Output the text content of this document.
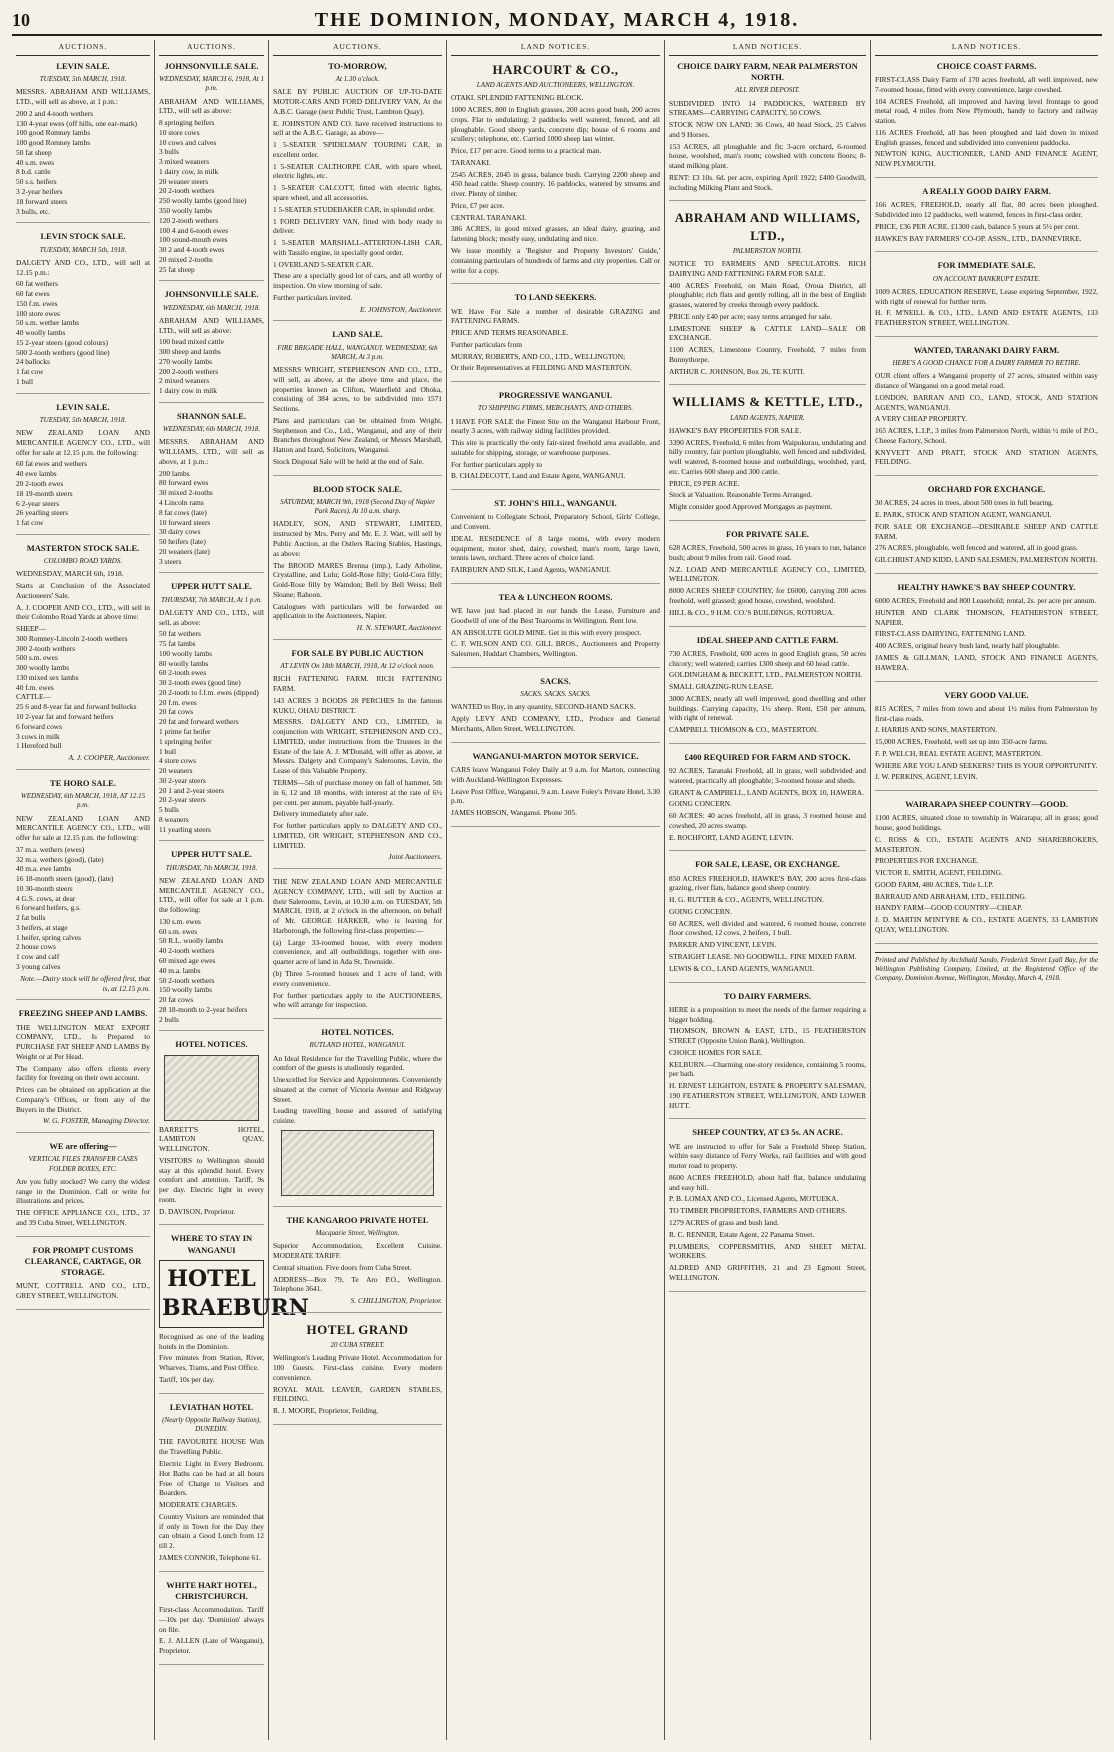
10	THE DOMINION, MONDAY, MARCH 4, 1918.
AUCTIONS.
LEVIN SALE.
TUESDAY, 5th MARCH, 1918.

MESSRS. ABRAHAM AND WILLIAMS, LTD., will sell as above, at 1 p.m.:

200 2 and 4-tooth wethers
130 4-year ewes (off hills, one ear-mark)
100 good Romney lambs
100 good Romney lambs
50 fat sheep
40 s.m. ewes
8 b.d. cattle
50 s.s. heifers
3 2-year heifers
18 forward steers
3 bulls, etc.
LEVIN STOCK SALE.
TUESDAY, MARCH 5th, 1918.

DALGETY AND CO., LTD., will sell at 12.15 p.m.:

60 fat wethers
60 fat ewes
150 f.m. ewes
100 store ewes
50 s.m. wether lambs
40 woolly lambs
15 2-year steers (good colours)
500 2-tooth wethers (good line)
24 ballocks
1 fat cow
1 bull
LEVIN SALE.
TUESDAY, 5th MARCH, 1918.

NEW ZEALAND LOAN AND MERCANTILE AGENCY CO., LTD., will offer for sale at 12.15 p.m. the following:

60 fat ewes and wethers
40 ewe lambs
20 2-tooth ewes
18 19-month steers
6 2-year steers
26 yearling steers
1 fat cow
MASTERTON STOCK SALE.
COLOMBO ROAD YARDS.

WEDNESDAY, MARCH 6th, 1918.

Starts at Conclusion of the Associated Auctioneers' Sale.

A. J. COOPER AND CO., LTD., will sell in their Colombo Road Yards at above time:

SHEEP—
300 Romney-Lincoln 2-tooth wethers
300 2-tooth wethers
500 s.m. ewes
300 woolly lambs
130 mixed sex lambs
40 f.m. ewes
CATTLE—
25 6 and 8-year fat and forward bullocks
10 2-year fat and forward heifers
6 forward cows
3 cows in milk
1 Hereford bull
A. J. COOPER, Auctioneer.
TE HORO SALE.
WEDNESDAY, 6th MARCH, 1918, AT 12.15 p.m.

NEW ZEALAND LOAN AND MERCANTILE AGENCY CO., LTD., will offer for sale at 12.15 p.m. the following:

37 m.a. wethers (ewes)
32 m.a. wethers (good), (late)
40 m.a. ewe lambs
16 18-month steers (good), (late)
10 30-month steers
4 G.S. cows, at dear
6 forward heifers, g.s.
2 fat bulls
3 heifers, at stage
1 heifer, spring calves
2 house cows
1 cow and calf
3 young calves
Note.—Dairy stock will be offered first, that is, at 12.15 p.m.
FREEZING SHEEP AND LAMBS.

THE WELLINGTON MEAT EXPORT COMPANY, LTD., Is Prepared to PURCHASE FAT SHEEP AND LAMBS By Weight or at Per Head.

The Company also offers clients every facility for freezing on their own account.

Prices can be obtained on application at the Company's Offices, or from any of the Buyers in the District.

W. G. FOSTER, Managing Director.
WE are offering—
VERTICAL FILES TRANSFER CASES FOLDER BOXES, ETC.

Are you fully stocked? We carry the widest range in the Dominion. Call or write for illustrations and prices.

THE OFFICE APPLIANCE CO., LTD., 37 and 39 Cuba Street, WELLINGTON.

FOR PROMPT CUSTOMS CLEARANCE, CARTAGE, OR STORAGE.

MUNT, COTTRELL AND CO., LTD., GREY STREET, WELLINGTON.

AUCTIONS.
JOHNSONVILLE SALE.
WEDNESDAY, MARCH 6, 1918, At 1 p.m.

ABRAHAM AND WILLIAMS, LTD., will sell as above:

8 springing heifers
10 store cows
10 cows and calves
3 bulls
3 mixed weaners
1 dairy cow, in milk
20 weaner steers
20 2-tooth wethers
250 woolly lambs (good line)
350 woolly lambs
120 2-tooth wethers
100 4 and 6-tooth ewes
100 sound-mouth ewes
30 2 and 4-tooth ewes
20 mixed 2-tooths
25 fat sheep
JOHNSONVILLE SALE.
WEDNESDAY, 6th MARCH, 1918.

ABRAHAM AND WILLIAMS, LTD., will sell as above:

100 head mixed cattle
300 sheep and lambs
270 woolly lambs
200 2-tooth wethers
2 mixed weaners
1 dairy cow in milk
SHANNON SALE.
WEDNESDAY, 6th MARCH, 1918.

MESSRS. ABRAHAM AND WILLIAMS, LTD., will sell as above, at 1 p.m.:

200 lambs
80 forward ewes
30 mixed 2-tooths
4 Lincoln rams
8 fat cows (late)
10 forward steers
30 dairy cows
50 heifers (late)
20 weaners (late)
3 steers
UPPER HUTT SALE.
THURSDAY, 7th MARCH, At 1 p.m.

DALGETY AND CO., LTD., will sell, as above:

50 fat wethers
75 fat lambs
100 woolly lambs
80 woolly lambs
60 2-tooth ewes
30 2-tooth ewes (good line)
20 2-tooth to f.f.m. ewes (dipped)
20 f.m. ewes
20 fat cows
20 fat and forward wethers
1 prime fat heifer
1 springing heifer
1 bull
4 store cows
20 weaners
30 2-year steers
20 1 and 2-year steers
20 2-year steers
5 bulls
8 weaners
11 yearling steers
UPPER HUTT SALE.
THURSDAY, 7th MARCH, 1918.

NEW ZEALAND LOAN AND MERCANTILE AGENCY CO., LTD., will offer for sale at 1 p.m. the following:

130 s.m. ewes
60 s.m. ewes
50 R.L. woolly lambs
40 2-tooth wethers
60 mixed age ewes
40 m.a. lambs
50 2-tooth wethers
150 woolly lambs
20 fat cows
28 18-month to 2-year heifers
2 bulls
HOTEL NOTICES.

BARRETT'S HOTEL, LAMBTON QUAY, WELLINGTON.

VISITORS to Wellington should stay at this splendid hotel. Every comfort and attention. Tariff, 9s per day. Electric light in every room.

D. DAVISON, Proprietor.

WHERE TO STAY IN WANGANUI
HOTEL BRAEBURN

Recognised as one of the leading hotels in the Dominion.

Five minutes from Station, River, Wharves, Trams, and Post Office.

Tariff, 10s per day.

LEVIATHAN HOTEL
(Nearly Opposite Railway Station), DUNEDIN.

THE FAVOURITE HOUSE With the Travelling Public.

Electric Light in Every Bedroom. Hot Baths can be had at all hours Free of Charge to Visitors and Boarders.

MODERATE CHARGES.

Country Visitors are reminded that if only in Town for the Day they can obtain a Good Lunch from 12 till 2.

JAMES CONNOR, Telephone 61.

WHITE HART HOTEL, CHRISTCHURCH.

First-class Accommodation. Tariff—10s per day. 'Dominion' always on file.

E. J. ALLEN (Late of Wanganui), Proprietor.

AUCTIONS.
TO-MORROW,
At 1.30 o'clock.

SALE BY PUBLIC AUCTION OF UP-TO-DATE MOTOR-CARS AND FORD DELIVERY VAN, At the A.B.C. Garage (next Public Trust, Lambton Quay).

E. JOHNSTON AND CO. have received instructions to sell at the A.B.C. Garage, as above—

1 5-SEATER 'SPIDELMAN' TOURING CAR, in excellent order.

1 5-SEATER CALTHORPE CAR, with spare wheel, electric lights, etc.

1 5-SEATER CALCOTT, fitted with electric lights, spare wheel, and all accessories.

1 5-SEATER STUDEBAKER CAR, in splendid order.

1 FORD DELIVERY VAN, fitted with body ready to deliver.

1 5-SEATER MARSHALL-ATTERTON-LISH CAR, with Tassilo engine, in specially good order.

1 OVERLAND 5-SEATER CAR.

These are a specially good lot of cars, and all worthy of inspection. On view morning of sale.

Further particulars invited.

E. JOHNSTON, Auctioneer.
LAND SALE.
FIRE BRIGADE HALL, WANGANUI. WEDNESDAY, 6th MARCH, At 3 p.m.

MESSRS WRIGHT, STEPHENSON AND CO., LTD., will sell, as above, at the above time and place, the properties known as Clifton, Waterfield and Ohoka, consisting of 384 acres, to be subdivided into 1571 Sections.

Plans and particulars can be obtained from Wright, Stephenson and Co., Ltd., Wanganui, and any of their Branches throughout New Zealand, or Messrs Marshall, Hatton and Izard, Solicitors, Wanganui.

Stock Disposal Sale will be held at the end of Sale.

BLOOD STOCK SALE.
SATURDAY, MARCH 9th, 1918 (Second Day of Napier Park Races), At 10 a.m. sharp.

HADLEY, SON, AND STEWART, LIMITED, instructed by Mrs. Perry and Mr. E. J. Watt, will sell by Public Auction, at the Ostlers Racing Stables, Hastings, as above:

The BROOD MARES Brenna (imp.), Lady Atholine, Crystalline, and Lulu; Gold-Rose filly; Gold-Cora filly; Gold-Rose filly by Wamdon; Bell by Bell Weiss; Bell Sloane; Rahoon.

Catalogues with particulars will be forwarded on application to the Auctioneers, Napier.

H. N. STEWART, Auctioneer.
FOR SALE BY PUBLIC AUCTION
AT LEVIN On 18th MARCH, 1918, At 12 o'clock noon.

RICH FATTENING FARM. RICH FATTENING FARM.

143 ACRES 3 ROODS 28 PERCHES In the famous KUKU, OHAU DISTRICT.

MESSRS. DALGETY AND CO., LIMITED, in conjunction with WRIGHT, STEPHENSON AND CO., LIMITED, under instructions from the Trustees in the Estate of the late A. J. M'Donald, will offer as above, at Messrs. Dalgety and Company's Salerooms, Levin, the Lease of this Valuable Property.

TERMS—5th of purchase money on fall of hammer, 5th in 6, 12 and 18 months, with interest at the rate of 6½ per cent. per annum, payable half-yearly.

Delivery immediately after sale.

For further particulars apply to DALGETY AND CO., LIMITED, OR WRIGHT, STEPHENSON AND CO., LIMITED.

Joint Auctioneers.

THE NEW ZEALAND LOAN AND MERCANTILE AGENCY COMPANY, LTD., will sell by Auction at their Salerooms, Levin, at 10.30 a.m. on TUESDAY, 5th MARCH, 1918, at 2 o'clock in the afternoon, on behalf of Mr. GEORGE HARKER, who is leaving for Harborough, the following first-class properties:—

(a) Large 33-roomed house, with every modern convenience, and all outbuildings, together with one-quarter acre of land in Ada St, Townside.

(b) Three 5-roomed houses and 1 acre of land, with every convenience.

For further particulars apply to the AUCTIONEERS, who will arrange for inspection.

HOTEL NOTICES.
RUTLAND HOTEL, WANGANUI.

An Ideal Residence for the Travelling Public, where the comfort of the guests is studiously regarded.

Unexcelled for Service and Appointments. Conveniently situated at the corner of Victoria Avenue and Ridgway Street.

Leading travelling house and assured of satisfying cuisine.

THE KANGAROO PRIVATE HOTEL
Macquarie Street, Wellington.

Superior Accommodation, Excellent Cuisine. MODERATE TARIFF.

Central situation. Five doors from Cuba Street.

ADDRESS—Box 79, Te Aro P.O., Wellington. Telephone 3641.

S. CHILLINGTON, Proprietor.
HOTEL GRAND
20 CUBA STREET.

Wellington's Leading Private Hotel. Accommodation for 100 Guests. First-class cuisine. Every modern convenience.

ROYAL MAIL LEAVER, GARDEN STABLES, FEILDING.

R. J. MOORE, Proprietor, Feilding.

LAND NOTICES.
HARCOURT & CO.,
LAND AGENTS AND AUCTIONEERS, WELLINGTON.

OTAKI. SPLENDID FATTENING BLOCK.

1000 ACRES, 800 in English grasses, 200 acres good bush, 200 acres crops. Flat to undulating; 2 paddocks well watered, fenced, and all ploughable. Good sheep yards, concrete dip; house of 6 rooms and scullery; telephone, etc. Carried 1000 sheep last winter.

Price, £17 per acre. Good terms to a practical man.

TARANAKI.

2545 ACRES, 2045 in grass, balance bush. Carrying 2200 sheep and 450 head cattle. Sheep country, 16 paddocks, watered by streams and river. Plenty of timber.

Price, £7 per acre.

CENTRAL TARANAKI.

386 ACRES, in good mixed grasses, an ideal dairy, grazing, and fattening block; mostly easy, undulating and nice.

We issue monthly a 'Register and Property Investors' Guide,' containing particulars of hundreds of farms and city properties. Call or write for a copy.

TO LAND SEEKERS.

WE Have For Sale a number of desirable GRAZING and FATTENING FARMS.

PRICE AND TERMS REASONABLE.

Further particulars from

MURRAY, ROBERTS, AND CO., LTD., WELLINGTON;

Or their Representatives at FEILDING AND MASTERTON.

PROGRESSIVE WANGANUI.
TO SHIPPING FIRMS, MERCHANTS, AND OTHERS.

I HAVE FOR SALE the Finest Site on the Wanganui Harbour Front, nearly 3 acres, with railway siding facilities provided.

This site is practically the only fair-sized freehold area available, and suitable for shipping, storage, or warehouse purposes.

For further particulars apply to

B. CHALDECOTT, Land and Estate Agent, WANGANUI.

ST. JOHN'S HILL, WANGANUI.

Convenient to Collegiate School, Preparatory School, Girls' College, and Convent.

IDEAL RESIDENCE of 8 large rooms, with every modern equipment, motor shed, dairy, cowshed, man's room, large lawn, tennis lawn, orchard. Three acres of choice land.

FAIRBURN AND SILK, Land Agents, WANGANUI.

TEA & LUNCHEON ROOMS.

WE have just had placed in our hands the Lease, Furniture and Goodwill of one of the Best Tearooms in Wellington. Rent low.

AN ABSOLUTE GOLD MINE. Get in this with every prospect.

C. F. WILSON AND CO. GILL BROS., Auctioneers and Property Salesmen, Huddart Chambers, Wellington.

SACKS.
SACKS. SACKS. SACKS.

WANTED to Buy, in any quantity, SECOND-HAND SACKS.

Apply LEVY AND COMPANY, LTD., Produce and General Merchants, Allen Street, WELLINGTON.

WANGANUI-MARTON MOTOR SERVICE.

CARS leave Wanganui Foley Daily at 9 a.m. for Marton, connecting with Auckland-Wellington Expresses.

Leave Post Office, Wanganui, 9 a.m. Leave Foley's Private Hotel, 3.30 p.m.

JAMES HOBSON, Wanganui. Phone 305.

LAND NOTICES.
CHOICE DAIRY FARM, NEAR PALMERSTON NORTH.
ALL RIVER DEPOSIT.

SUBDIVIDED INTO 14 PADDOCKS, WATERED BY STREAMS—CARRYING CAPACITY, 50 COWS.

STOCK NOW ON LAND: 36 Cows, 40 head Stock, 25 Calves and 9 Horses.

153 ACRES, all ploughable and fit; 3-acre orchard, 6-roomed house, woolshed, man's room; cowshed with concrete floors; 8-stand milking plant.

RENT: £3 10s. 6d. per acre, expiring April 1922; £400 Goodwill, including Milking Plant and Stock.

ABRAHAM AND WILLIAMS, LTD.,
PALMERSTON NORTH.

NOTICE TO FARMERS AND SPECULATORS. RICH DAIRYING AND FATTENING FARM FOR SALE.

400 ACRES Freehold, on Main Road, Oroua District, all ploughable; rich flats and gently rolling, all in the best of English grasses, watered by creeks through every paddock.

PRICE only £40 per acre; easy terms arranged for sale.

LIMESTONE SHEEP & CATTLE LAND—SALE OR EXCHANGE.

1100 ACRES, Limestone Country, Freehold, 7 miles from Bunnythorpe.

ARTHUR C. JOHNSON, Box 26, TE KUITI.

WILLIAMS & KETTLE, LTD.,
LAND AGENTS, NAPIER.

HAWKE'S BAY PROPERTIES FOR SALE.

3390 ACRES, Freehold, 6 miles from Waipukurau, undulating and hilly country, fair portion ploughable, well fenced and subdivided, well watered, 8-roomed house and outbuildings, woolshed, yard, etc. Carries 600 sheep and 300 cattle.

PRICE, £9 PER ACRE.

Stock at Valuation. Reasonable Terms Arranged.

Might consider good Approved Mortgages as payment.

FOR PRIVATE SALE.

628 ACRES, Freehold, 500 acres in grass, 16 years to run, balance bush; about 9 miles from rail. Good road.

N.Z. LOAD AND MERCANTILE AGENCY CO., LIMITED, WELLINGTON.

8000 ACRES SHEEP COUNTRY, for £6000, carrying 200 acres freehold, well grassed; good house, cowshed, woolshed.

HILL & CO., 9 H.M. CO.'S BUILDINGS, ROTORUA.

IDEAL SHEEP AND CATTLE FARM.

730 ACRES, Freehold, 600 acres in good English grass, 50 acres chicory; well watered; carries 1300 sheep and 60 head cattle.

GOLDINGHAM & BECKETT, LTD., PALMERSTON NORTH.

SMALL GRAZING-RUN LEASE.

3000 ACRES, nearly all well improved, good dwelling and other buildings. Carrying capacity, 1½ sheep. Rent, £50 per annum, with right of renewal.

CAMPBELL THOMSON & CO., MASTERTON.

£400 REQUIRED FOR FARM AND STOCK.

92 ACRES, Taranaki Freehold, all in grass, well subdivided and watered, practically all ploughable; 3-roomed house and sheds.

GRANT & CAMPBELL, LAND AGENTS, BOX 10, HAWERA.

GOING CONCERN.

60 ACRES: 40 acres freehold, all in grass, 3 roomed house and cowshed, 20 acres swamp.

E. ROCHFORT, LAND AGENT, LEVIN.

FOR SALE, LEASE, OR EXCHANGE.

850 ACRES FREEHOLD, HAWKE'S BAY, 200 acres first-class grazing, river flats, balance good sheep country.

H. G. RUTTER & CO., AGENTS, WELLINGTON.

GOING CONCERN.

60 ACRES, well divided and watered, 6 roomed house, concrete floor cowshed, 12 cows, 2 heifers, 1 bull.

PARKER AND VINCENT, LEVIN.

STRAIGHT LEASE. NO GOODWILL. FINE MIXED FARM.

LEWIS & CO., LAND AGENTS, WANGANUI.

TO DAIRY FARMERS.

HERE is a proposition to meet the needs of the farmer requiring a bigger holding.

THOMSON, BROWN & EAST, LTD., 15 FEATHERSTON STREET (Opposite Union Bank), Wellington.

CHOICE HOMES FOR SALE.

KELBURN.—Charming one-story residence, containing 5 rooms, per bath.

H. ERNEST LEIGHTON, ESTATE & PROPERTY SALESMAN, 190 FEATHERSTON STREET, WELLINGTON, AND LOWER HUTT.

SHEEP COUNTRY, AT £3 5s. AN ACRE.

WE are instructed to offer for Sale a Freehold Sheep Station, within easy distance of Ferry Works, rail facilities and with good motor road to property.

8600 ACRES FREEHOLD, about half flat, balance undulating and easy hill.

P. B. LOMAX AND CO., Licensed Agents, MOTUEKA.

TO TIMBER PROPRIETORS, FARMERS AND OTHERS.

1279 ACRES of grass and bush land.

R. C. RENNER, Estate Agent, 22 Panama Street.

PLUMBERS, COPPERSMITHS, AND SHEET METAL WORKERS.

ALDRED AND GRIFFITHS, 21 and 23 Egmont Street, WELLINGTON.

LAND NOTICES.
CHOICE COAST FARMS.

FIRST-CLASS Dairy Farm of 170 acres freehold, all well improved, new 7-roomed house, fitted with every convenience, large cowshed.

104 ACRES Freehold, all improved and having level frontage to good metal road, 4 miles from New Plymouth, handy to factory and railway station.

116 ACRES Freehold, all has been ploughed and laid down in mixed English grasses, fenced and subdivided into convenient paddocks.

NEWTON KING, AUCTIONEER, LAND AND FINANCE AGENT, NEW PLYMOUTH.

A REALLY GOOD DAIRY FARM.

166 ACRES, FREEHOLD, nearly all flat, 80 acres been ploughed. Subdivided into 12 paddocks, well watered, fences in first-class order.

PRICE, £36 PER ACRE. £1300 cash, balance 5 years at 5½ per cent.

HAWKE'S BAY FARMERS' CO-OP. ASSN., LTD., DANNEVIRKE.

FOR IMMEDIATE SALE.
ON ACCOUNT BANKRUPT ESTATE.

1009 ACRES, EDUCATION RESERVE, Lease expiring September, 1922, with right of renewal for further term.

H. F. M'NEILL & CO., LTD., LAND AND ESTATE AGENTS, 133 FEATHERSTON STREET, WELLINGTON.

WANTED, TARANAKI DAIRY FARM.
HERE'S A GOOD CHANCE FOR A DAIRY FARMER TO RETIRE.

OUR client offers a Wanganui property of 27 acres, situated within easy distance of Wanganui on a good metal road.

LONDON, BARRAN AND CO., LAND, STOCK, AND STATION AGENTS, WANGANUI.

A VERY CHEAP PROPERTY.

165 ACRES, L.I.P., 3 miles from Palmerston North, within ½ mile of P.O., Cheese Factory, School.

KNYVETT AND PRATT, STOCK AND STATION AGENTS, FEILDING.

ORCHARD FOR EXCHANGE.

30 ACRES, 24 acres in trees, about 500 trees in full bearing.

E. PARK, STOCK AND STATION AGENT, WANGANUI.

FOR SALE OR EXCHANGE—DESIRABLE SHEEP AND CATTLE FARM.

276 ACRES, ploughable, well fenced and watered, all in good grass.

GILCHRIST AND KIDD, LAND SALESMEN, PALMERSTON NORTH.

HEALTHY HAWKE'S BAY SHEEP COUNTRY.

6000 ACRES, Freehold and 800 Leasehold; rental, 2s. per acre per annum.

HUNTER AND CLARK THOMSON, FEATHERSTON STREET, NAPIER.

FIRST-CLASS DAIRYING, FATTENING LAND.

400 ACRES, original heavy bush land, nearly half ploughable.

JAMES & GILLMAN, LAND, STOCK AND FINANCE AGENTS, HAWERA.

VERY GOOD VALUE.

815 ACRES, 7 miles from town and about 1½ miles from Palmerston by first-class roads.

J. HARRIS AND SONS, MASTERTON.

15,000 ACRES, Freehold, well set up into 350-acre farms.

F. P. WELCH, REAL ESTATE AGENT, MASTERTON.

WHERE ARE YOU LAND SEEKERS? THIS IS YOUR OPPORTUNITY.

J. W. PERKINS, AGENT, LEVIN.

WAIRARAPA SHEEP COUNTRY—GOOD.

1100 ACRES, situated close to township in Wairarapa; all in grass; good house, good buildings.

C. ROSS & CO., ESTATE AGENTS AND SHAREBROKERS, MASTERTON.

PROPERTIES FOR EXCHANGE.

VICTOR E. SMITH, AGENT, FEILDING.

GOOD FARM, 480 ACRES, Title L.I.P.

BARRAUD AND ABRAHAM, LTD., FEILDING.

HANDY FARM—GOOD COUNTRY—CHEAP.

J. D. MARTIN M'INTYRE & CO., ESTATE AGENTS, 33 LAMBTON QUAY, WELLINGTON.

Printed and Published by Archibald Sando, Frederick Street Lyall Bay, for the Wellington Publishing Company, Limited, at the Registered Office of the Company, Dominion Avenue, Wellington, Monday, March 4, 1918.
